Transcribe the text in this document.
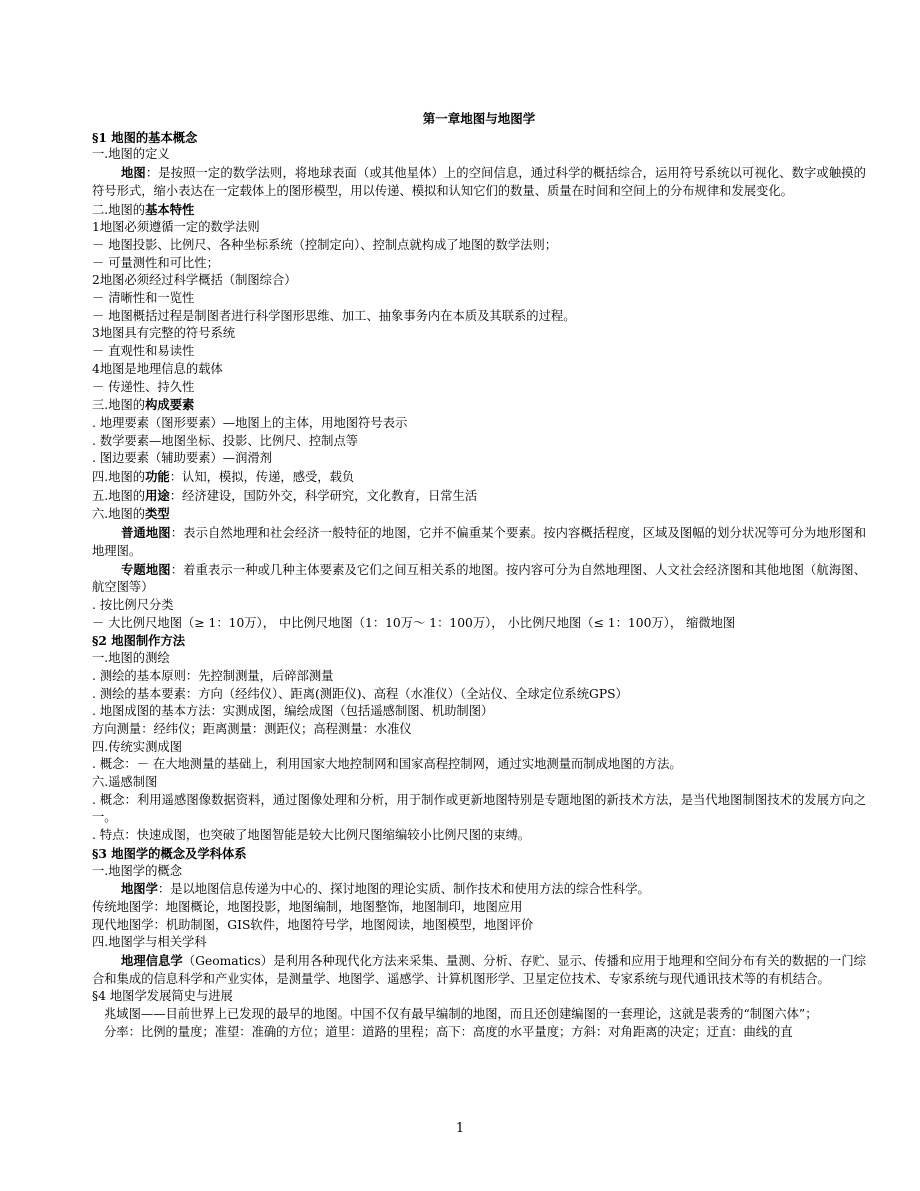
第一章地图与地图学
§1 地图的基本概念
一.地图的定义
地图：是按照一定的数学法则，将地球表面（或其他星体）上的空间信息，通过科学的概括综合，运用符号系统以可视化、数字或触摸的符号形式，缩小表达在一定载体上的图形模型，用以传递、模拟和认知它们的数量、质量在时间和空间上的分布规律和发展变化。
二.地图的基本特性
1地图必须遵循一定的数学法则
－ 地图投影、比例尺、各种坐标系统（控制定向）、控制点就构成了地图的数学法则；
－ 可量测性和可比性；
2地图必须经过科学概括（制图综合）
－ 清晰性和一览性
－ 地图概括过程是制图者进行科学图形思维、加工、抽象事务内在本质及其联系的过程。
3地图具有完整的符号系统
－ 直观性和易读性
4地图是地理信息的载体
－ 传递性、持久性
三.地图的构成要素
. 地理要素（图形要素）—地图上的主体，用地图符号表示
. 数学要素—地图坐标、投影、比例尺、控制点等
. 图边要素（辅助要素）—润滑剂
四.地图的功能：认知，模拟，传递，感受，载负
五.地图的用途：经济建设，国防外交，科学研究，文化教育，日常生活
六.地图的类型
普通地图：表示自然地理和社会经济一般特征的地图，它并不偏重某个要素。按内容概括程度，区域及图幅的划分状况等可分为地形图和地理图。
专题地图：着重表示一种或几种主体要素及它们之间互相关系的地图。按内容可分为自然地理图、人文社会经济图和其他地图（航海图、航空图等）
. 按比例尺分类
－ 大比例尺地图（≥ 1：10万）， 中比例尺地图（1：10万～ 1：100万）， 小比例尺地图（≤ 1：100万）， 缩微地图
§2 地图制作方法
一.地图的测绘
. 测绘的基本原则：先控制测量，后碎部测量
. 测绘的基本要素：方向（经纬仪）、距离(测距仪)、高程（水准仪）（全站仪、全球定位系统GPS）
. 地图成图的基本方法：实测成图，编绘成图（包括遥感制图、机助制图）
方向测量：经纬仪；距离测量：测距仪；高程测量：水准仪
四.传统实测成图
. 概念：－ 在大地测量的基础上，利用国家大地控制网和国家高程控制网，通过实地测量而制成地图的方法。
六.遥感制图
. 概念：利用遥感图像数据资料，通过图像处理和分析，用于制作或更新地图特别是专题地图的新技术方法，是当代地图制图技术的发展方向之一。
. 特点：快速成图，也突破了地图智能是较大比例尺图缩编较小比例尺图的束缚。
§3 地图学的概念及学科体系
一.地图学的概念
地图学：是以地图信息传递为中心的、探讨地图的理论实质、制作技术和使用方法的综合性科学。
传统地图学：地图概论，地图投影，地图编制，地图整饰，地图制印，地图应用
现代地图学：机助制图，GIS软件，地图符号学，地图阅读，地图模型，地图评价
四.地图学与相关学科
地理信息学（Geomatics）是利用各种现代化方法来采集、量测、分析、存贮、显示、传播和应用于地理和空间分布有关的数据的一门综合和集成的信息科学和产业实体，是测量学、地图学、遥感学、计算机图形学、卫星定位技术、专家系统与现代通讯技术等的有机结合。
§4 地图学发展简史与进展
兆域图——目前世界上已发现的最早的地图。中国不仅有最早编制的地图，而且还创建编图的一套理论，这就是裴秀的“制图六体”；
分率：比例的量度；准望：准确的方位；道里：道路的里程；高下：高度的水平量度；方斜：对角距离的决定；迂直：曲线的直
1
